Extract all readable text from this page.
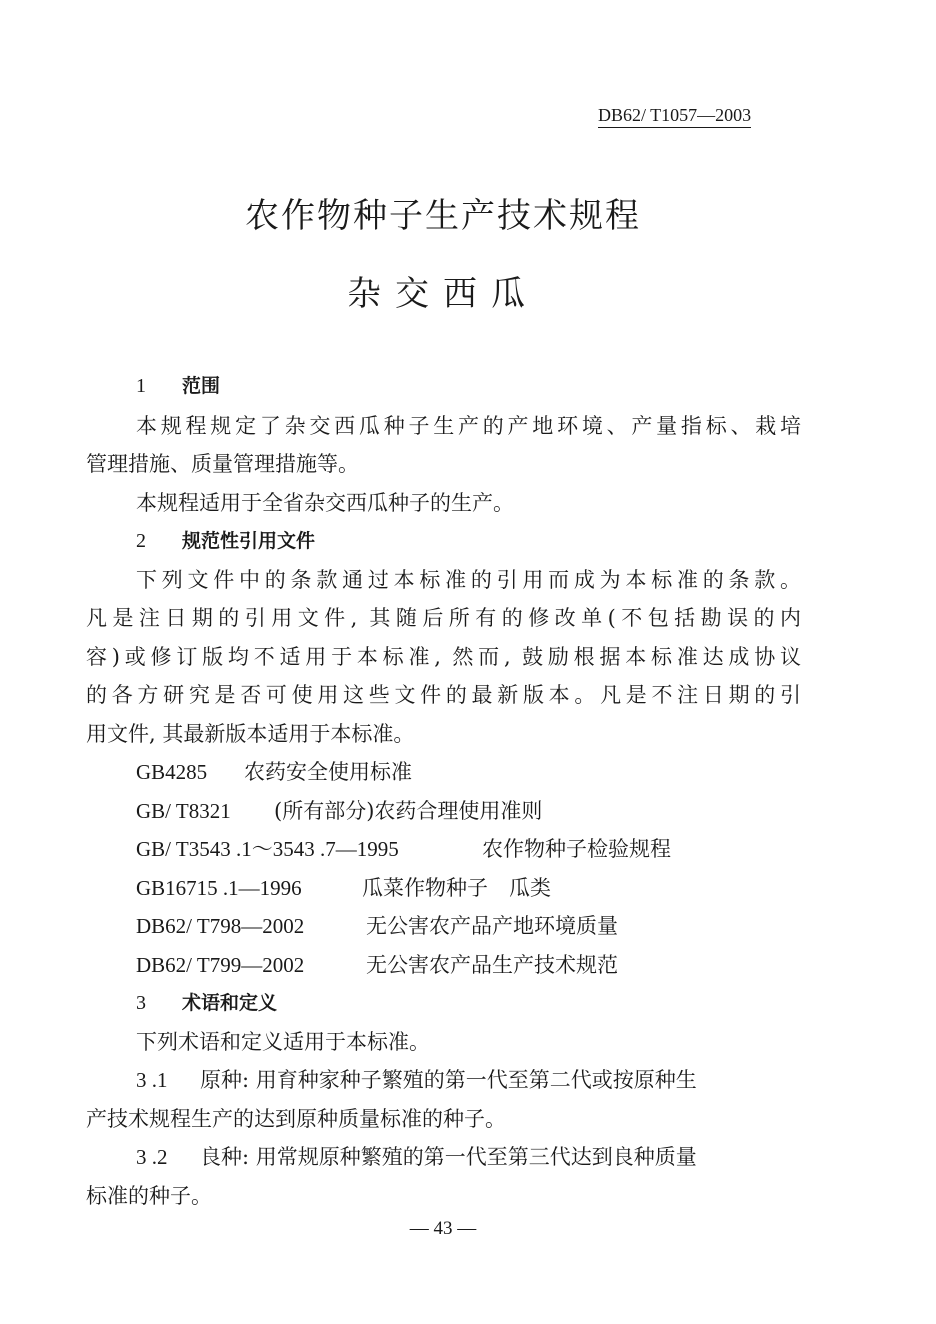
DB62/ T1057—2003
农作物种子生产技术规程
杂交西瓜
1 范围
本规程规定了杂交西瓜种子生产的产地环境、产量指标、栽培
管理措施、质量管理措施等。
本规程适用于全省杂交西瓜种子的生产。
2 规范性引用文件
下列文件中的条款通过本标准的引用而成为本标准的条款。
凡是注日期的引用文件, 其随后所有的修改单(不包括勘误的内
容)或修订版均不适用于本标准, 然而, 鼓励根据本标准达成协议
的各方研究是否可使用这些文件的最新版本。凡是不注日期的引
用文件, 其最新版本适用于本标准。
GB4285 农药安全使用标准
GB/ T8321 (所有部分)农药合理使用准则
GB/ T3543 .1～3543 .7—1995	农作物种子检验规程
GB16715 .1—1996	瓜菜作物种子　瓜类
DB62/ T798—2002	无公害农产品产地环境质量
DB62/ T799—2002	无公害农产品生产技术规范
3 术语和定义
下列术语和定义适用于本标准。
3 .1 原种: 用育种家种子繁殖的第一代至第二代或按原种生
产技术规程生产的达到原种质量标准的种子。
3 .2 良种: 用常规原种繁殖的第一代至第三代达到良种质量
标准的种子。
— 43 —
